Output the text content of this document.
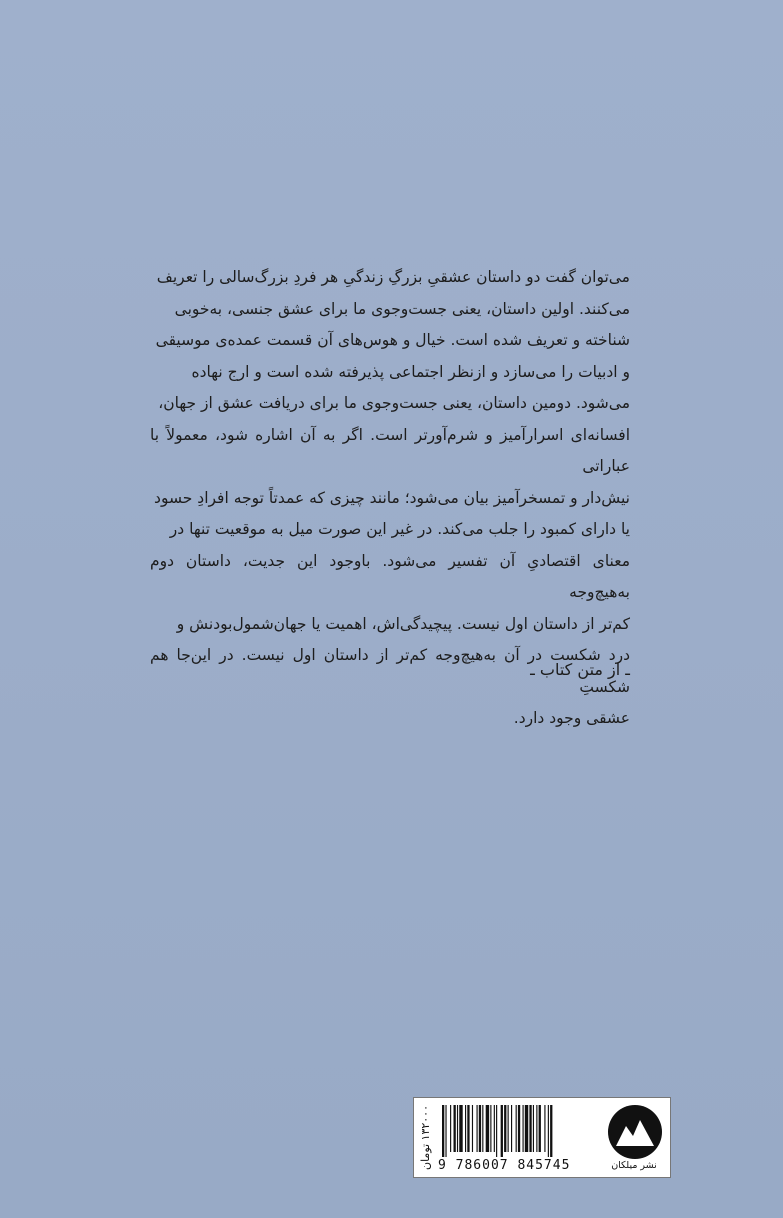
می‌توان گفت دو داستان عشقیِ بزرگِ زندگیِ هر فردِ بزرگ‌سالی را تعریف

می‌کنند. اولین داستان، یعنی جست‌وجوی ما برای عشق جنسی، به‌خوبی

شناخته و تعریف شده است. خیال و هوس‌های آن قسمت عمده‌ی موسیقی

و ادبیات را می‌سازد و ازنظر اجتماعی پذیرفته شده است و ارج نهاده

می‌شود. دومین داستان، یعنی جست‌وجوی ما برای دریافت عشق از جهان،

افسانه‌ای اسرارآمیز و شرم‌آورتر است. اگر به آن اشاره شود، معمولاً با عباراتی

نیش‌دار و تمسخرآمیز بیان می‌شود؛ مانند چیزی که عمدتاً توجه افرادِ حسود

یا دارای کمبود را جلب می‌کند. در غیر این صورت میل به موقعیت تنها در

معنای اقتصادیِ آن تفسیر می‌شود. باوجود این جدیت، داستان دوم به‌هیچ‌وجه

کم‌تر از داستان اول نیست. پیچیدگی‌اش، اهمیت یا جهان‌شمول‌بودنش و

درد شکست در آن به‌هیچ‌وجه کم‌تر از داستان اول نیست. در این‌جا هم شکستِ

عشقی وجود دارد.

ـ از متن کتاب ـ
۱۳۲۰۰۰ تومان
9 786007 845745	نشر میلکان
